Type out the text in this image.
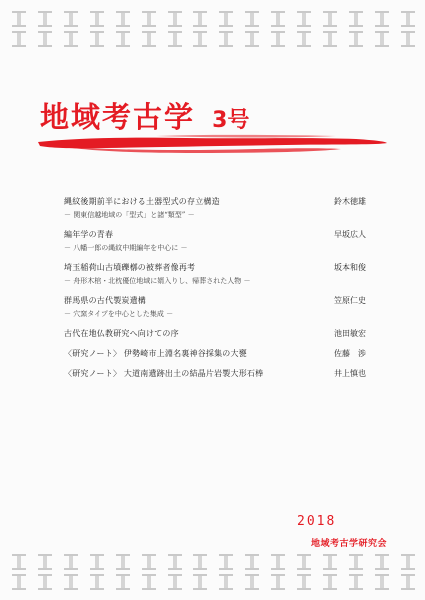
地域考古学 3号
縄紋後期前半における土器型式の存立構造	鈴木徳雄
－ 関東信越地域の「型式」と諸“類型” －
編年学の青春	早坂広人
－ 八幡一郎の縄紋中期編年を中心に －
埼玉稲荷山古墳礫槨の被葬者像再考	坂本和俊
－ 舟形木棺・北枕優位地域に婿入りし、帰葬された人物 －
群馬県の古代製炭遺構	笠原仁史
－ 穴窯タイプを中心とした集成 －
古代在地仏教研究へ向けての序	池田敏宏
〈研究ノート〉 伊勢崎市上淵名裏神谷採集の大甕	佐藤　渉
〈研究ノート〉 大道南遺跡出土の結晶片岩製大形石棒	井上慎也
2018
地域考古学研究会
